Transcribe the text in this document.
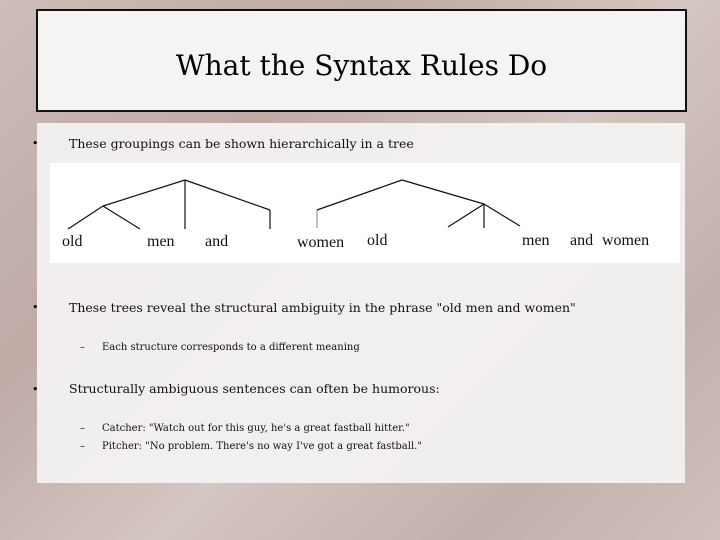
What the Syntax Rules Do
• These groupings can be shown hierarchically in a tree
old	men and	women old	men and women
• These trees reveal the structural ambiguity in the phrase "old men and women"
– Each structure corresponds to a different meaning
• Structurally ambiguous sentences can often be humorous:
– Catcher: "Watch out for this guy, he's a great fastball hitter."
– Pitcher: "No problem. There's no way I've got a great fastball."
